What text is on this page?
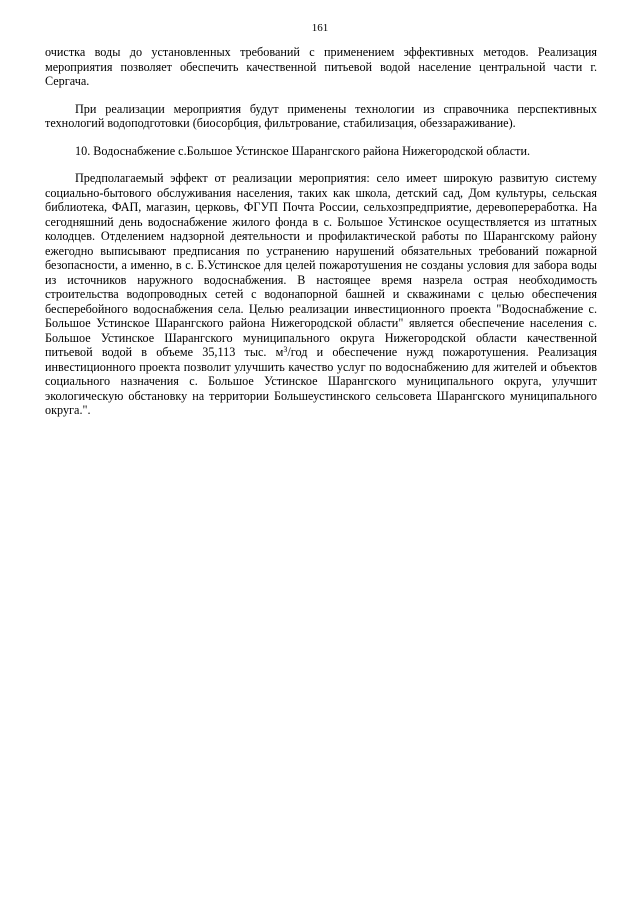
161

очистка воды до установленных требований с применением эффективных методов. Реализация мероприятия позволяет обеспечить качественной питьевой водой население центральной части г. Сергача.

При реализации мероприятия будут применены технологии из справочника перспективных технологий водоподготовки (биосорбция, фильтрование, стабилизация, обеззараживание).

10. Водоснабжение с.Большое Устинское Шарангского района Нижегородской области.

Предполагаемый эффект от реализации мероприятия: село имеет широкую развитую систему социально-бытового обслуживания населения, таких как школа, детский сад, Дом культуры, сельская библиотека, ФАП, магазин, церковь, ФГУП Почта России, сельхозпредприятие, деревопереработка. На сегодняшний день водоснабжение жилого фонда в с. Большое Устинское осуществляется из штатных колодцев. Отделением надзорной деятельности и профилактической работы по Шарангскому району ежегодно выписывают предписания по устранению нарушений обязательных требований пожарной безопасности, а именно, в с. Б.Устинское для целей пожаротушения не созданы условия для забора воды из источников наружного водоснабжения. В настоящее время назрела острая необходимость строительства водопроводных сетей с водонапорной башней и скважинами с целью обеспечения бесперебойного водоснабжения села. Целью реализации инвестиционного проекта "Водоснабжение с. Большое Устинское Шарангского района Нижегородской области" является обеспечение населения с. Большое Устинское Шарангского муниципального округа Нижегородской области качественной питьевой водой в объеме 35,113 тыс. $м^3$/год и обеспечение нужд пожаротушения. Реализация инвестиционного проекта позволит улучшить качество услуг по водоснабжению для жителей и объектов социального назначения с. Большое Устинское Шарангского муниципального округа, улучшит экологическую обстановку на территории Большеустинского сельсовета Шарангского муниципального округа.".
